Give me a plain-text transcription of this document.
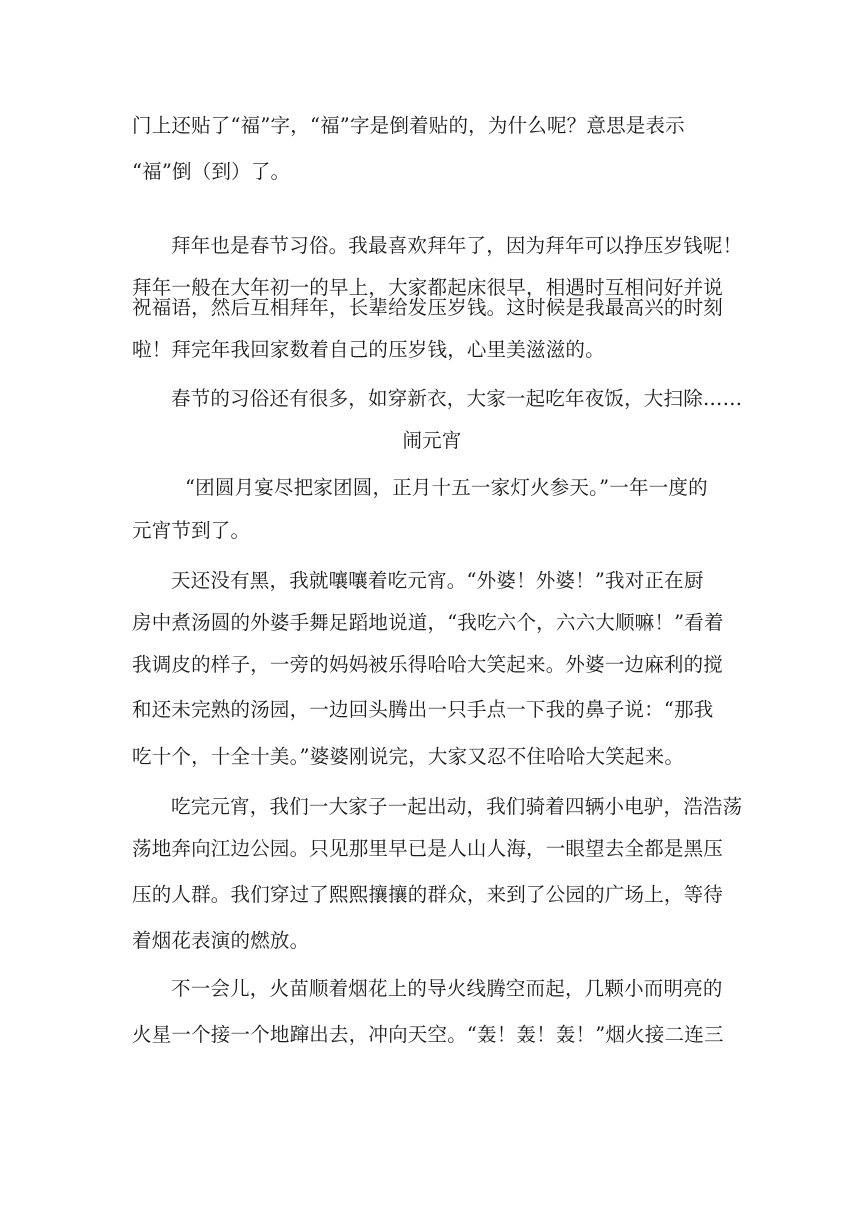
门上还贴了“福”字，“福”字是倒着贴的，为什么呢？意思是表示
“福”倒（到）了。
拜年也是春节习俗。我最喜欢拜年了，因为拜年可以挣压岁钱呢！
拜年一般在大年初一的早上，大家都起床很早，相遇时互相问好并说
祝福语，然后互相拜年，长辈给发压岁钱。这时候是我最高兴的时刻
啦！拜完年我回家数着自己的压岁钱，心里美滋滋的。
春节的习俗还有很多，如穿新衣，大家一起吃年夜饭，大扫除……
闹元宵
“团圆月宴尽把家团圆，正月十五一家灯火参天。”一年一度的
元宵节到了。
天还没有黑，我就嚷嚷着吃元宵。“外婆！外婆！”我对正在厨
房中煮汤圆的外婆手舞足蹈地说道，“我吃六个，六六大顺嘛！”看着
我调皮的样子，一旁的妈妈被乐得哈哈大笑起来。外婆一边麻利的搅
和还未完熟的汤园，一边回头腾出一只手点一下我的鼻子说：“那我
吃十个，十全十美。”婆婆刚说完，大家又忍不住哈哈大笑起来。
吃完元宵，我们一大家子一起出动，我们骑着四辆小电驴，浩浩荡
荡地奔向江边公园。只见那里早已是人山人海，一眼望去全都是黑压
压的人群。我们穿过了熙熙攘攘的群众，来到了公园的广场上，等待
着烟花表演的燃放。
不一会儿，火苗顺着烟花上的导火线腾空而起，几颗小而明亮的
火星一个接一个地蹿出去，冲向天空。“轰！轰！轰！”烟火接二连三
